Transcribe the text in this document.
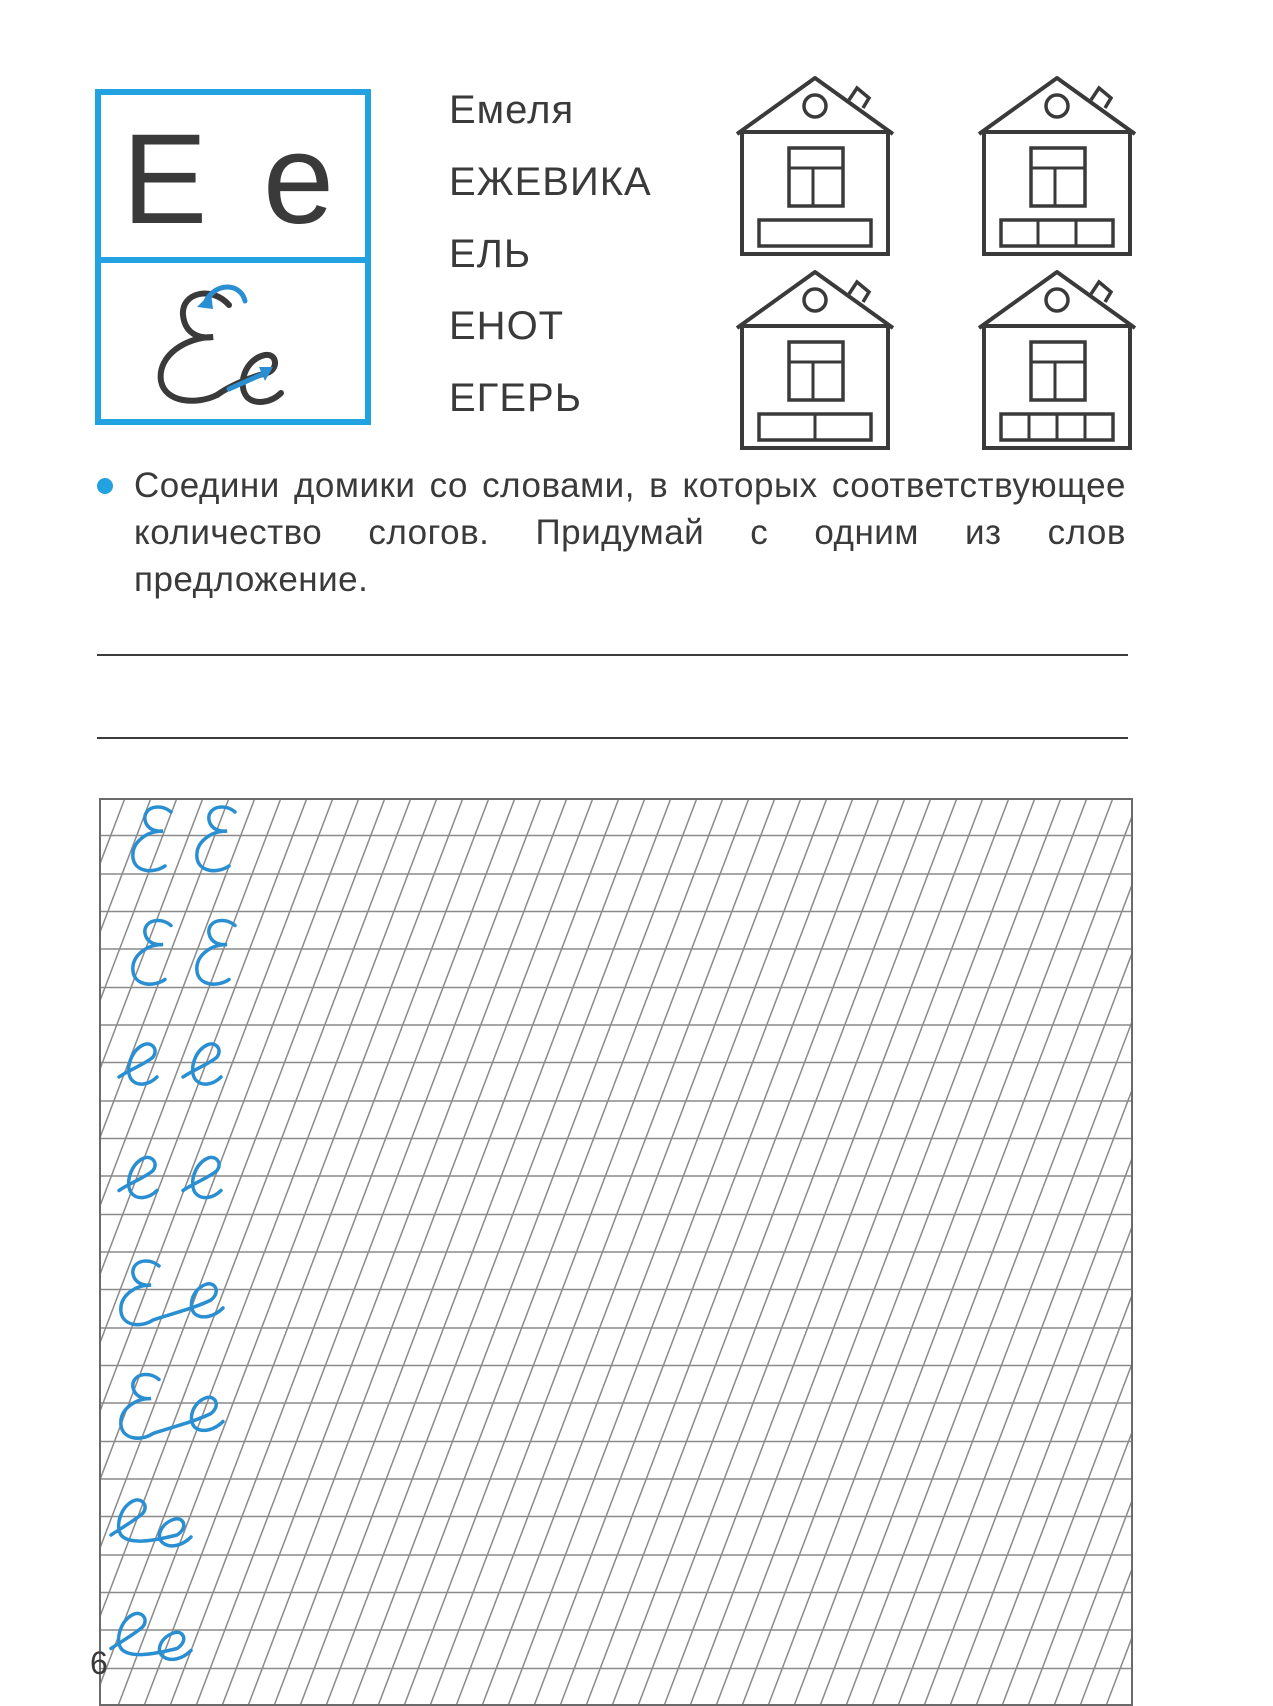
Е е	Емеля
ЕЖЕВИКА
ЕЛЬ
ЕНОТ
ЕГЕРЬ
Соедини домики со словами, в которых соответствующее количество слогов. Придумай с одним из слов предложение.
6
